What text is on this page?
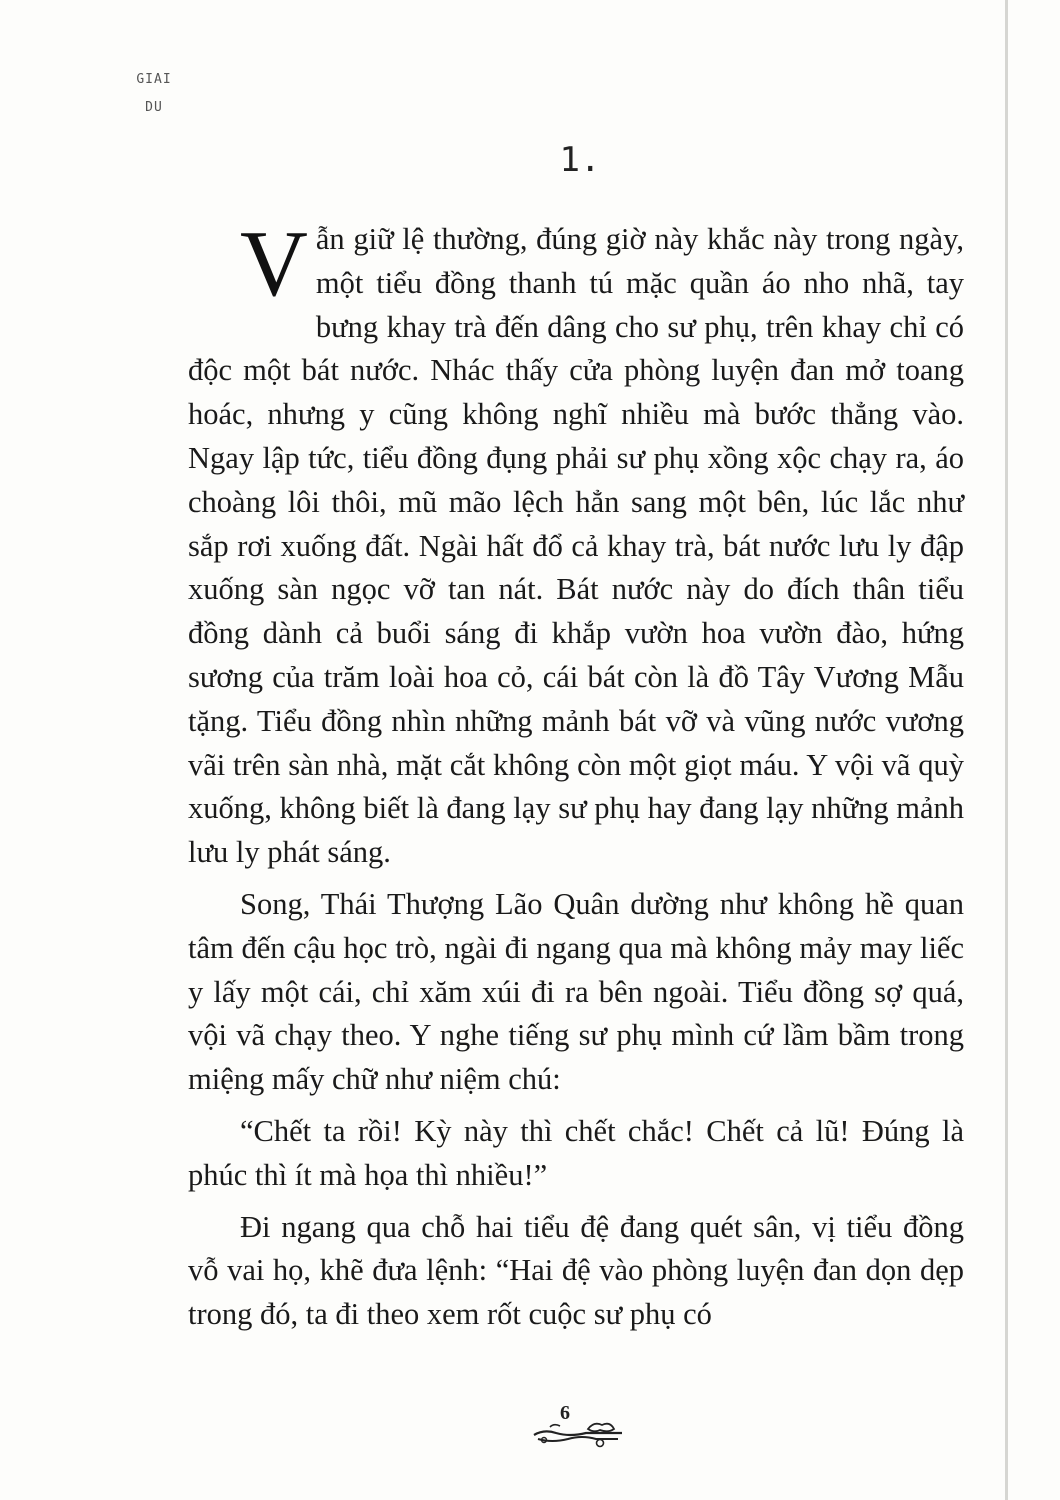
GIAI
DU
1.

Vẫn giữ lệ thường, đúng giờ này khắc này trong ngày, một tiểu đồng thanh tú mặc quần áo nho nhã, tay bưng khay trà đến dâng cho sư phụ, trên khay chỉ có độc một bát nước. Nhác thấy cửa phòng luyện đan mở toang hoác, nhưng y cũng không nghĩ nhiều mà bước thẳng vào. Ngay lập tức, tiểu đồng đụng phải sư phụ xồng xộc chạy ra, áo choàng lôi thôi, mũ mão lệch hẳn sang một bên, lúc lắc như sắp rơi xuống đất. Ngài hất đổ cả khay trà, bát nước lưu ly đập xuống sàn ngọc vỡ tan nát. Bát nước này do đích thân tiểu đồng dành cả buổi sáng đi khắp vườn hoa vườn đào, hứng sương của trăm loài hoa cỏ, cái bát còn là đồ Tây Vương Mẫu tặng. Tiểu đồng nhìn những mảnh bát vỡ và vũng nước vương vãi trên sàn nhà, mặt cắt không còn một giọt máu. Y vội vã quỳ xuống, không biết là đang lạy sư phụ hay đang lạy những mảnh lưu ly phát sáng.

Song, Thái Thượng Lão Quân dường như không hề quan tâm đến cậu học trò, ngài đi ngang qua mà không mảy may liếc y lấy một cái, chỉ xăm xúi đi ra bên ngoài. Tiểu đồng sợ quá, vội vã chạy theo. Y nghe tiếng sư phụ mình cứ lầm bầm trong miệng mấy chữ như niệm chú:

“Chết ta rồi! Kỳ này thì chết chắc! Chết cả lũ! Đúng là phúc thì ít mà họa thì nhiều!”

Đi ngang qua chỗ hai tiểu đệ đang quét sân, vị tiểu đồng vỗ vai họ, khẽ đưa lệnh: “Hai đệ vào phòng luyện đan dọn dẹp trong đó, ta đi theo xem rốt cuộc sư phụ có

6
